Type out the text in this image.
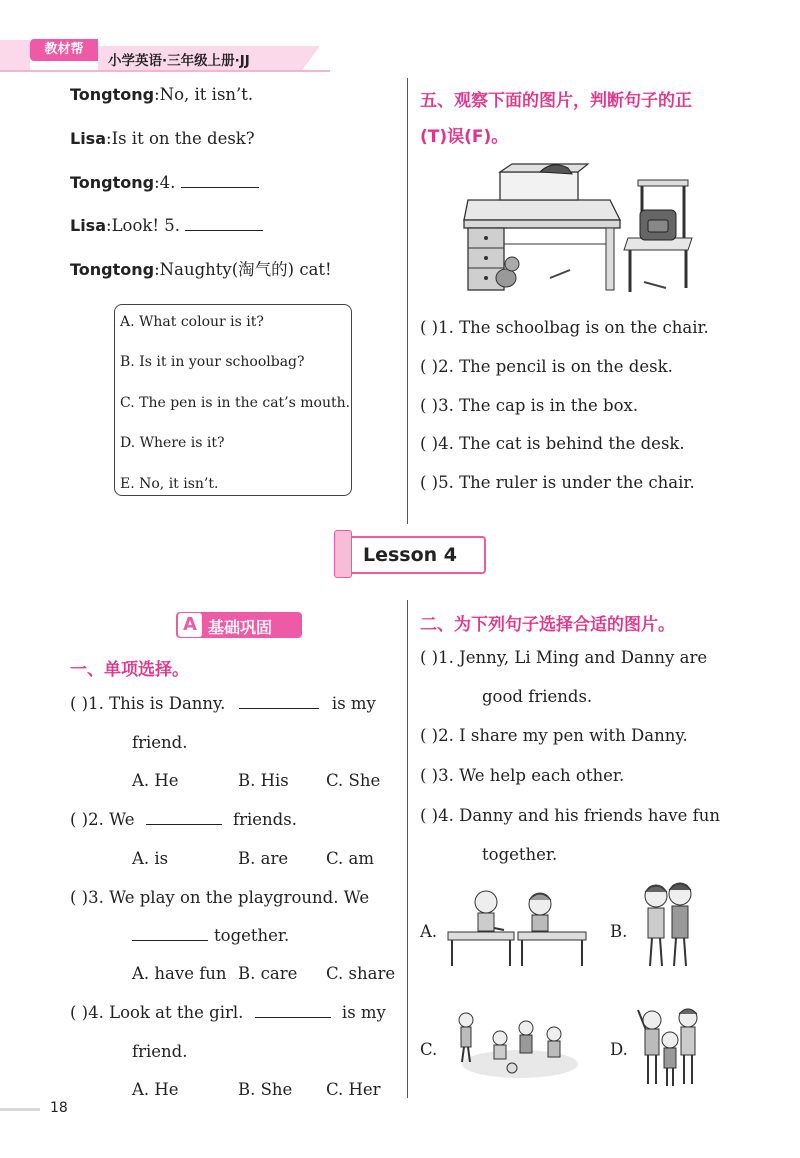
教材帮
小学英语·三年级上册·JJ
Tongtong:No, it isn’t.
Lisa:Is it on the desk?
Tongtong:4.
Lisa:Look! 5.
Tongtong:Naughty(淘气的) cat!
A. What colour is it?
B. Is it in your schoolbag?
C. The pen is in the cat’s mouth.
D. Where is it?
E. No, it isn’t.
五、观察下面的图片，判断句子的正
(T)误(F)。
( )1. The schoolbag is on the chair.
( )2. The pencil is on the desk.
( )3. The cap is in the box.
( )4. The cat is behind the desk.
( )5. The ruler is under the chair.
Lesson 4
A 基础巩固
一、单项选择。
( )1. This is Danny.	is my
friend.
A. He	B. His C. She
( )2. We	friends.
A. is	B. are C. am
( )3. We play on the playground. We
together.
A. have fun B. care C. share
( )4. Look at the girl.	is my
friend.
A. He	B. She C. Her
二、为下列句子选择合适的图片。
( )1. Jenny, Li Ming and Danny are
good friends.
( )2. I share my pen with Danny.
( )3. We help each other.
( )4. Danny and his friends have fun
together.
A.	B.
C.	D.
18
